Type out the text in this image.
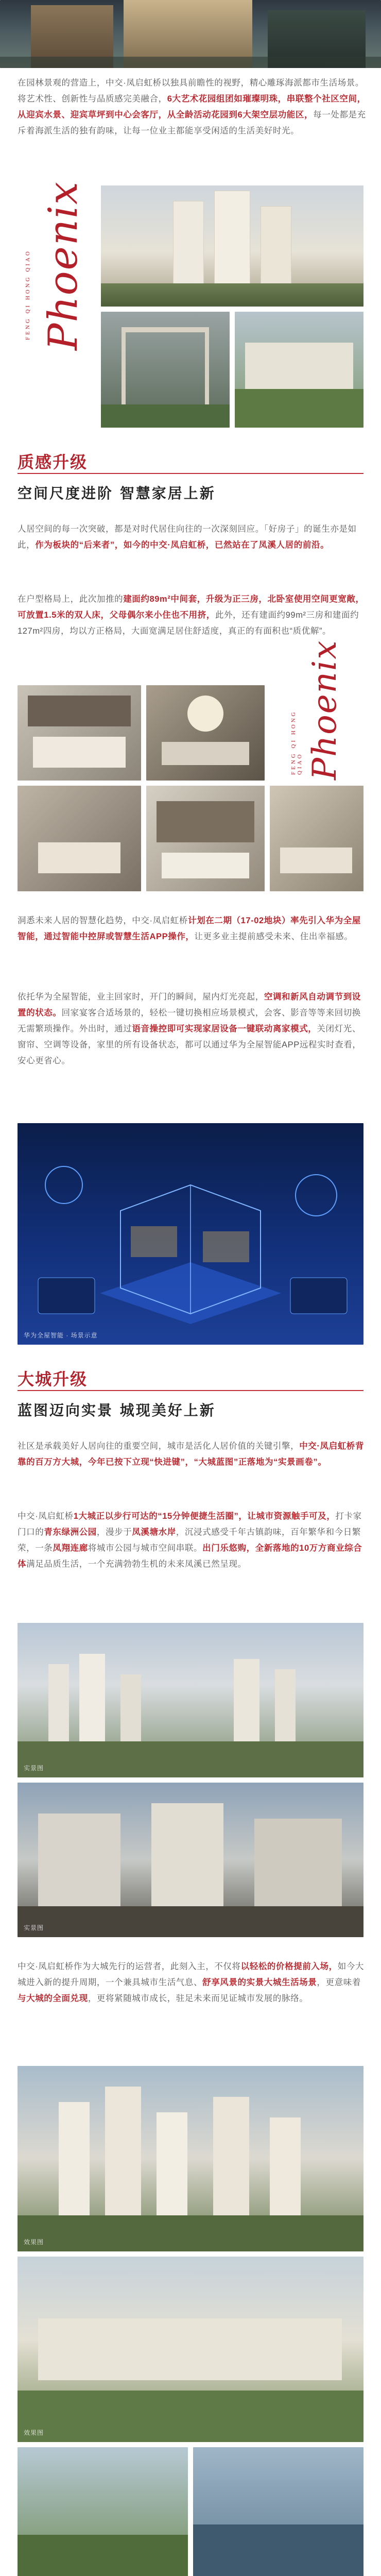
在园林景观的营造上，中交·凤启虹桥以独具前瞻性的视野，精心雕琢海派都市生活场景。将艺术性、创新性与品质感完美融合，6大艺术花园组团如璀璨明珠，串联整个社区空间，从迎宾水景、迎宾草坪到中心会客厅，从全龄活动花园到6大架空层功能区，每一处都是充斥着海派生活的独有韵味，让每一位业主都能享受闲适的生活美好时光。

Phoenix
FENG QI HONG QIAO
质感升级
空间尺度进阶 智慧家居上新

人居空间的每一次突破，都是对时代居住向往的一次深刻回应。「好房子」的诞生亦是如此，作为板块的“后来者”，如今的中交·凤启虹桥，已然站在了凤溪人居的前沿。

在户型格局上，此次加推的建面约89m²中间套，升级为正三房，北卧室使用空间更宽敞，可放置1.5米的双人床，父母偶尔来小住也不用挤，此外，还有建面约99m²三房和建面约127m²四房，均以方正格局，大面宽满足居住舒适度，真正的有面积也“质优解”。

Phoenix
FENG QI HONG QIAO

洞悉未来人居的智慧化趋势，中交·凤启虹桥计划在二期（17-02地块）率先引入华为全屋智能，通过智能中控屏或智慧生活APP操作，让更多业主提前感受未来、住出幸福感。

依托华为全屋智能，业主回家时，开门的瞬间，屋内灯光亮起，空调和新风自动调节到设置的状态。回家宴客合适场景的，轻松一键切换相应场景模式，会客、影音等等来回切换无需繁琐操作。外出时，通过语音操控即可实现家居设备一键联动离家模式，关闭灯光、窗帘、空调等设备，家里的所有设备状态，都可以通过华为全屋智能APP远程实时查看，安心更省心。

华为全屋智能 · 场景示意
大城升级
蓝图迈向实景 城现美好上新

社区是承载美好人居向往的重要空间，城市是活化人居价值的关键引擎，中交·凤启虹桥背靠的百万方大城，今年已按下立现“快进键”，“大城蓝图”正落地为“实景画卷”。

中交·凤启虹桥1大城正以步行可达的“15分钟便捷生活圈”，让城市资源触手可及，打卡家门口的青东绿洲公园，漫步于凤溪塘水岸，沉浸式感受千年古镇韵味，百年繁华和今日繁荣，一条凤翔连廊将城市公园与城市空间串联。出门乐悠购，全新落地的10万方商业综合体满足品质生活，一个充满勃勃生机的未来凤溪已然呈现。

实景图
实景图

中交·凤启虹桥作为大城先行的运营者，此刻入主，不仅将以轻松的价格提前入场，如今大城进入新的提升周期，一个兼具城市生活气息、舒享风景的实景大城生活场景，更意味着与大城的全面兑现，更将紧随城市成长，驻足未来而见证城市发展的脉络。

效果图
效果图
